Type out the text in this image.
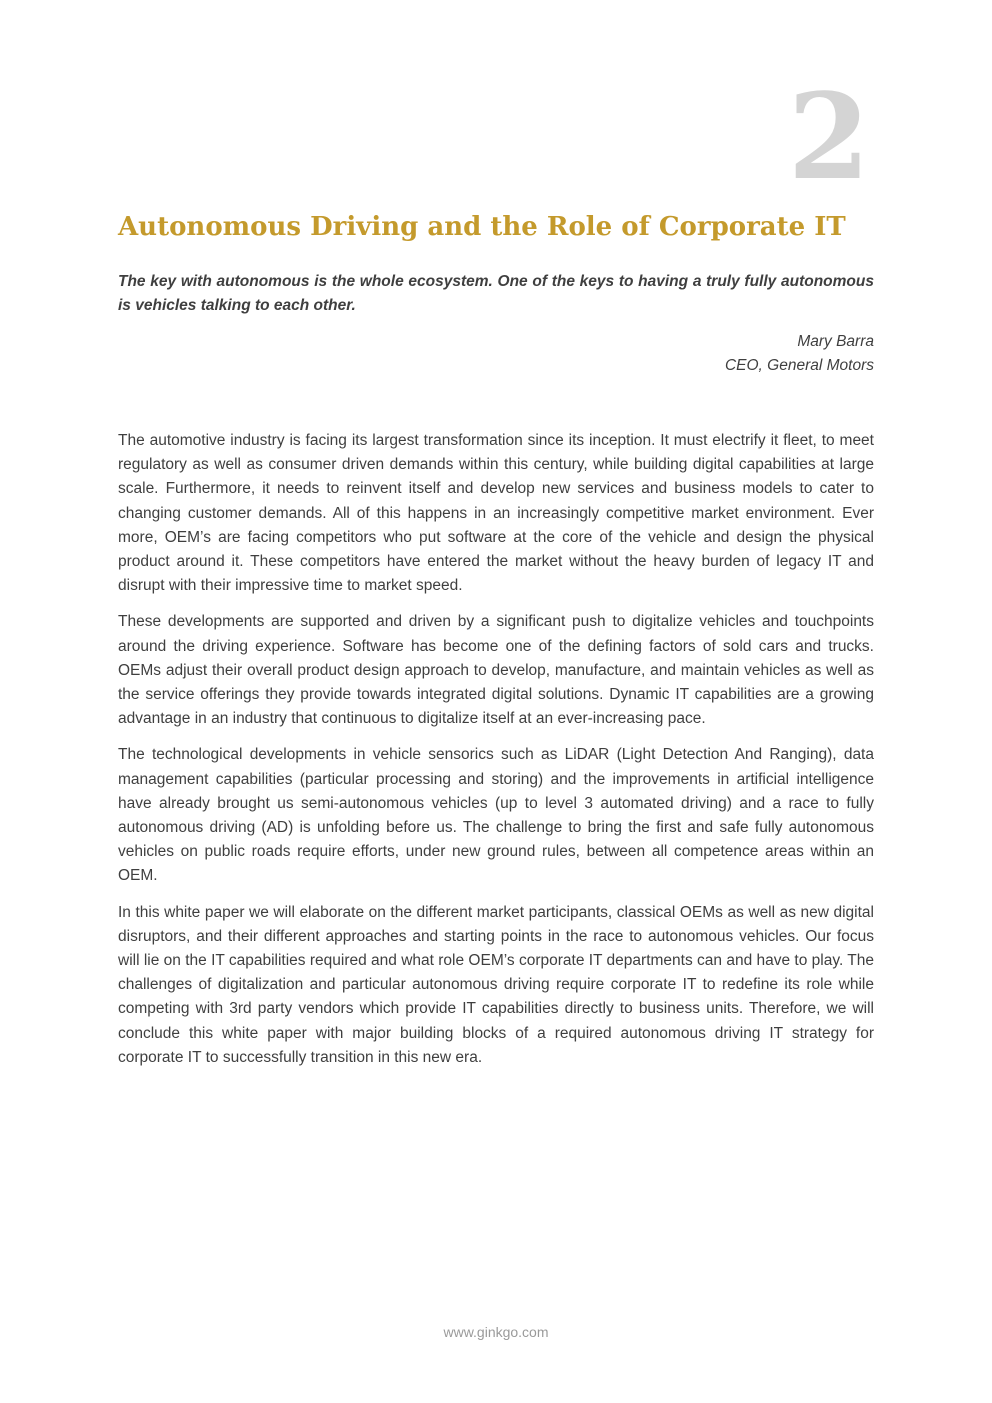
2
Autonomous Driving and the Role of Corporate IT

The key with autonomous is the whole ecosystem. One of the keys to having a truly fully autonomous is vehicles talking to each other.

Mary Barra
CEO, General Motors

The automotive industry is facing its largest transformation since its inception. It must electrify it fleet, to meet regulatory as well as consumer driven demands within this century, while building digital capabilities at large scale. Furthermore, it needs to reinvent itself and develop new services and business models to cater to changing customer demands. All of this happens in an increasingly competitive market environment. Ever more, OEM’s are facing competitors who put software at the core of the vehicle and design the physical product around it. These competitors have entered the market without the heavy burden of legacy IT and disrupt with their impressive time to market speed.

These developments are supported and driven by a significant push to digitalize vehicles and touchpoints around the driving experience. Software has become one of the defining factors of sold cars and trucks. OEMs adjust their overall product design approach to develop, manufacture, and maintain vehicles as well as the service offerings they provide towards integrated digital solutions. Dynamic IT capabilities are a growing advantage in an industry that continuous to digitalize itself at an ever-increasing pace.

The technological developments in vehicle sensorics such as LiDAR (Light Detection And Ranging), data management capabilities (particular processing and storing) and the improvements in artificial intelligence have already brought us semi-autonomous vehicles (up to level 3 automated driving) and a race to fully autonomous driving (AD) is unfolding before us. The challenge to bring the first and safe fully autonomous vehicles on public roads require efforts, under new ground rules, between all competence areas within an OEM.

In this white paper we will elaborate on the different market participants, classical OEMs as well as new digital disruptors, and their different approaches and starting points in the race to autonomous vehicles. Our focus will lie on the IT capabilities required and what role OEM’s corporate IT departments can and have to play. The challenges of digitalization and particular autonomous driving require corporate IT to redefine its role while competing with 3rd party vendors which provide IT capabilities directly to business units. Therefore, we will conclude this white paper with major building blocks of a required autonomous driving IT strategy for corporate IT to successfully transition in this new era.

www.ginkgo.com
